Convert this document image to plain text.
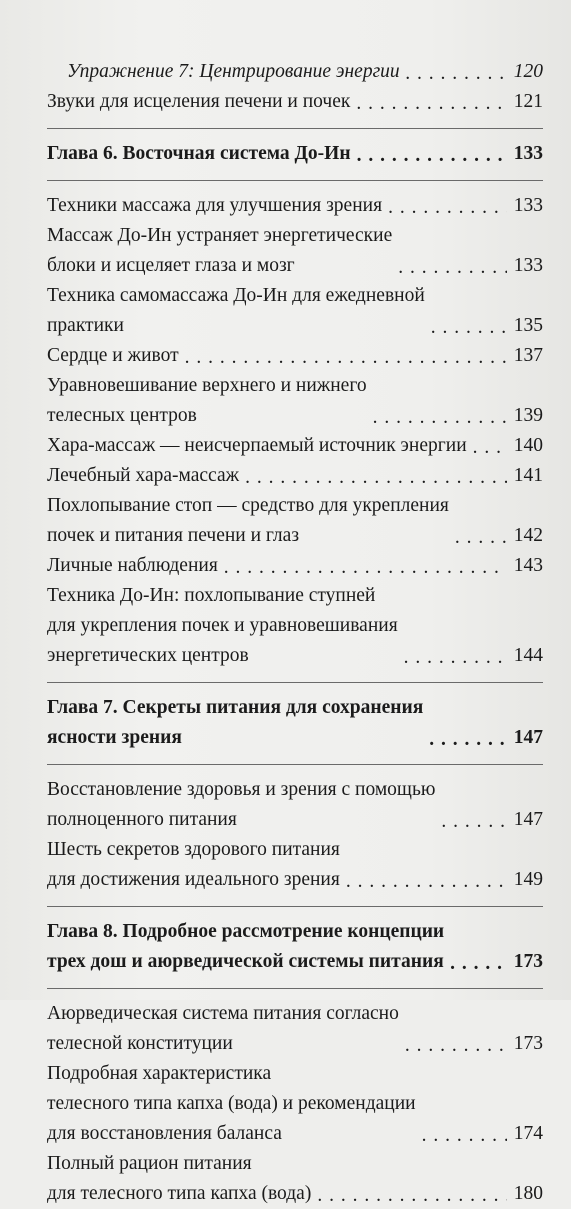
Упражнение 7: Центрирование энергии . . .	120
Звуки для исцеления печени и почек . . .	121
Глава 6. Восточная система До-Ин . . .	133
Техники массажа для улучшения зрения . . .	133
Массаж До-Ин устраняет энергетические
блоки и исцеляет глаза и мозг . . .	133
Техника самомассажа До-Ин для ежедневной
практики . . .	135
Сердце и живот . . .	137
Уравновешивание верхнего и нижнего
телесных центров . . .	139
Хара-массаж — неисчерпаемый источник энергии . . . 140
Лечебный хара-массаж . . .	141
Похлопывание стоп — средство для укрепления
почек и питания печени и глаз . . .	142
Личные наблюдения . . .	143
Техника До-Ин: похлопывание ступней
для укрепления почек и уравновешивания
энергетических центров . . .	144
Глава 7. Секреты питания для сохранения
ясности зрения . . .	147
Восстановление здоровья и зрения с помощью
полноценного питания . . .	147
Шесть секретов здорового питания
для достижения идеального зрения . . .	149
Глава 8. Подробное рассмотрение концепции
трех дош и аюрведической системы питания . . .	173
Аюрведическая система питания согласно
телесной конституции . . .	173
Подробная характеристика
телесного типа капха (вода) и рекомендации
для восстановления баланса . . .	174
Полный рацион питания
для телесного типа капха (вода) . . .	180
